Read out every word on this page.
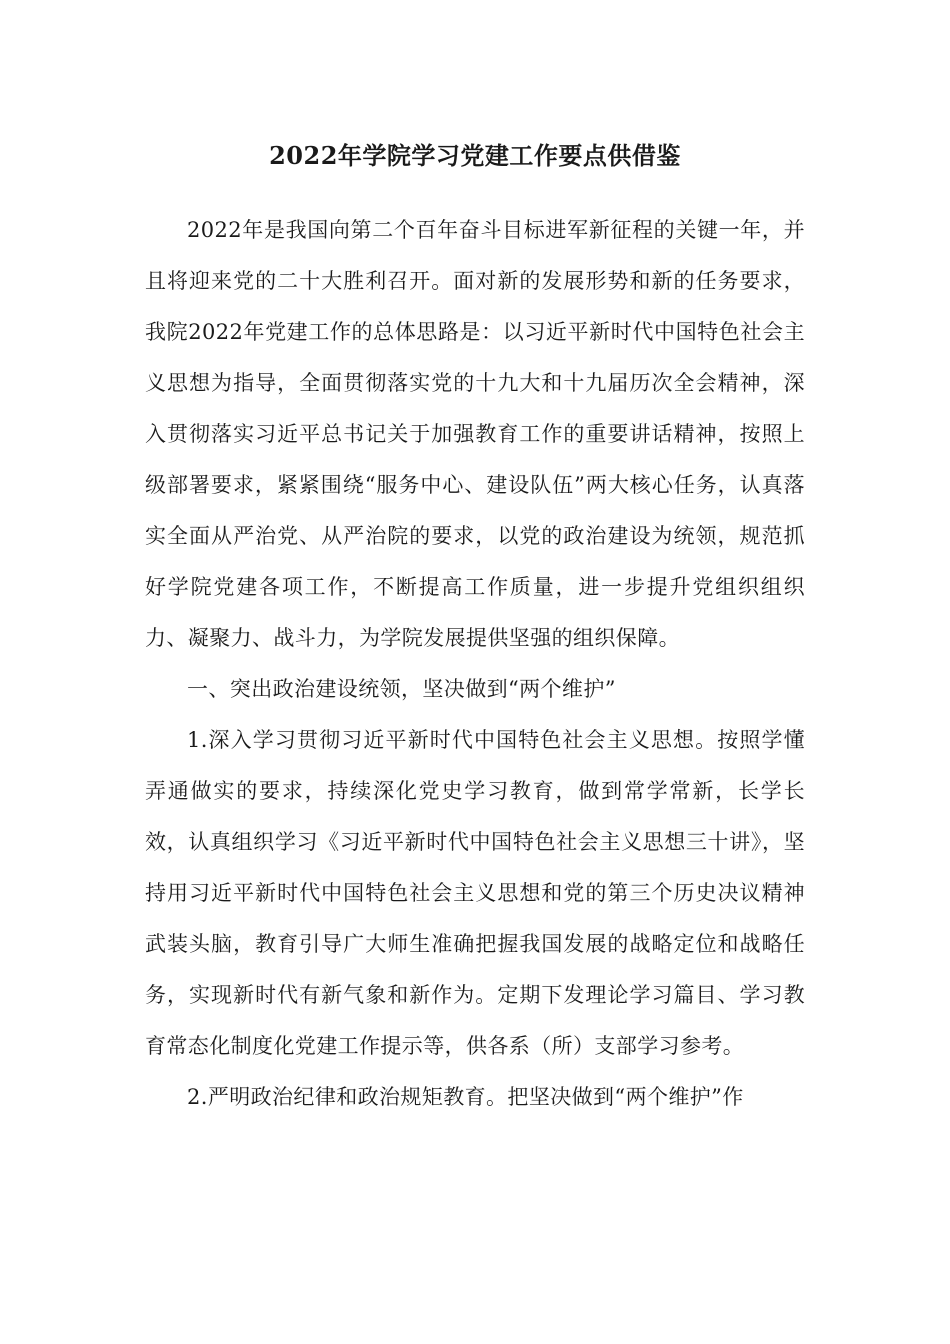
2022年学院学习党建工作要点供借鉴

2022年是我国向第二个百年奋斗目标进军新征程的关键一年，并且将迎来党的二十大胜利召开。面对新的发展形势和新的任务要求，我院2022年党建工作的总体思路是：以习近平新时代中国特色社会主义思想为指导，全面贯彻落实党的十九大和十九届历次全会精神，深入贯彻落实习近平总书记关于加强教育工作的重要讲话精神，按照上级部署要求，紧紧围绕“服务中心、建设队伍”两大核心任务，认真落实全面从严治党、从严治院的要求，以党的政治建设为统领，规范抓好学院党建各项工作，不断提高工作质量，进一步提升党组织组织力、凝聚力、战斗力，为学院发展提供坚强的组织保障。

一、突出政治建设统领，坚决做到“两个维护”

1.深入学习贯彻习近平新时代中国特色社会主义思想。按照学懂弄通做实的要求，持续深化党史学习教育，做到常学常新，长学长效，认真组织学习《习近平新时代中国特色社会主义思想三十讲》，坚持用习近平新时代中国特色社会主义思想和党的第三个历史决议精神武装头脑，教育引导广大师生准确把握我国发展的战略定位和战略任务，实现新时代有新气象和新作为。定期下发理论学习篇目、学习教育常态化制度化党建工作提示等，供各系（所）支部学习参考。

2.严明政治纪律和政治规矩教育。把坚决做到“两个维护”作
